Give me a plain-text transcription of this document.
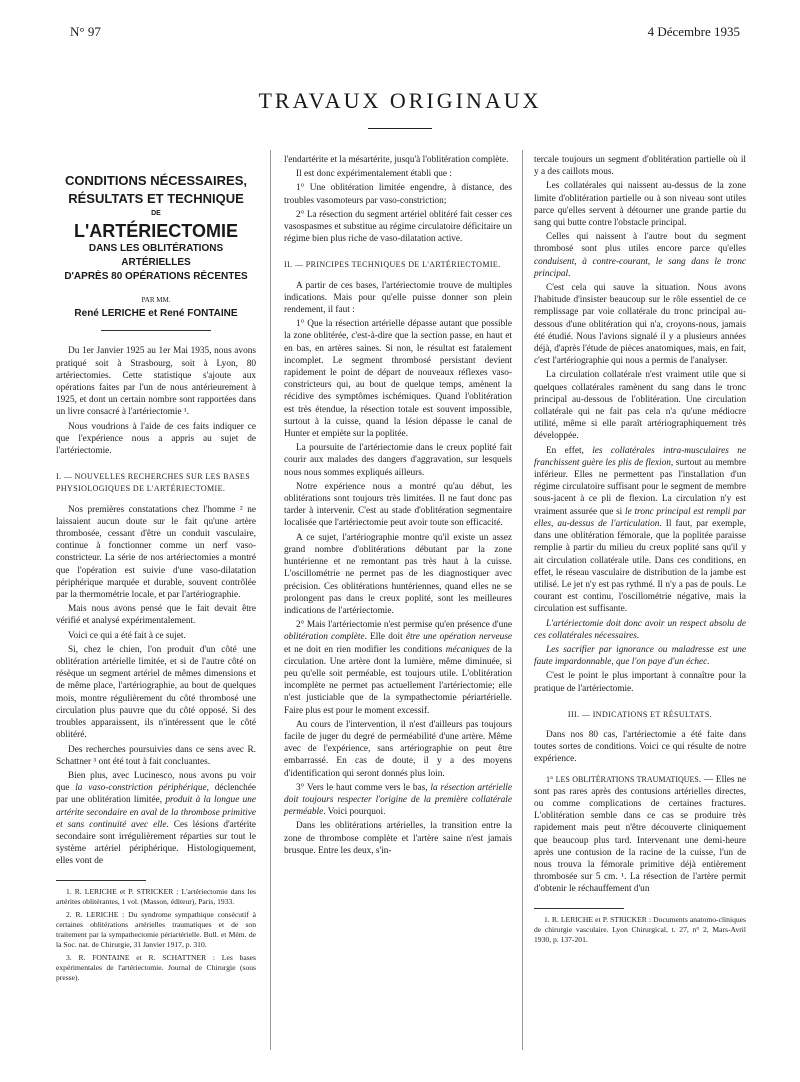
N° 97	4 Décembre 1935
TRAVAUX ORIGINAUX
CONDITIONS NÉCESSAIRES,
RÉSULTATS ET TECHNIQUE
DE
L'ARTÉRIECTOMIE
DANS LES OBLITÉRATIONS ARTÉRIELLES
D'APRÈS 80 OPÉRATIONS RÉCENTES
PAR MM.
René LERICHE et René FONTAINE

Du 1er Janvier 1925 au 1er Mai 1935, nous avons pratiqué soit à Strasbourg, soit à Lyon, 80 artériectomies. Cette statistique s'ajoute aux opérations faites par l'un de nous antérieurement à 1925, et dont un certain nombre sont rapportées dans un livre consacré à l'artériectomie ¹.

Nous voudrions à l'aide de ces faits indiquer ce que l'expérience nous a appris au sujet de l'artériectomie.

I. — NOUVELLES RECHERCHES SUR LES BASES PHYSIOLOGIQUES DE L'ARTÉRIECTOMIE.

Nos premières constatations chez l'homme ² ne laissaient aucun doute sur le fait qu'une artère thrombosée, cessant d'être un conduit vasculaire, continue à fonctionner comme un nerf vaso-constricteur. La série de nos artériectomies a montré que l'opération est suivie d'une vaso-dilatation périphérique marquée et durable, souvent contrôlée par la thermométrie locale, et par l'artériographie.

Mais nous avons pensé que le fait devait être vérifié et analysé expérimentalement.

Voici ce qui a été fait à ce sujet.

Si, chez le chien, l'on produit d'un côté une oblitération artérielle limitée, et si de l'autre côté on résèque un segment artériel de mêmes dimensions et de même place, l'artériographie, au bout de quelques mois, montre régulièrement du côté thrombosé une circulation plus pauvre que du côté opposé. Si des troubles apparaissent, ils n'intéressent que le côté oblitéré.

Des recherches poursuivies dans ce sens avec R. Schattner ³ ont été tout à fait concluantes.

Bien plus, avec Lucinesco, nous avons pu voir que la vaso-constriction périphérique, déclenchée par une oblitération limitée, produit à la longue une artérite secondaire en aval de la thrombose primitive et sans continuité avec elle. Ces lésions d'artérite secondaire sont irrégulièrement réparties sur tout le système artériel périphérique. Histologiquement, elles vont de

1. R. LERICHE et P. STRICKER : L'artériectomie dans les artérites oblitérantes, 1 vol. (Masson, éditeur), Paris, 1933.

2. R. LERICHE : Du syndrome sympathique consécutif à certaines oblitérations artérielles traumatiques et de son traitement par la sympathectomie périartérielle. Bull. et Mém. de la Soc. nat. de Chirurgie, 31 Janvier 1917, p. 310.

3. R. FONTAINE et R. SCHATTNER : Les bases expérimentales de l'artériectomie. Journal de Chirurgie (sous presse).

l'endartérite et la mésartérite, jusqu'à l'oblitération complète.

Il est donc expérimentalement établi que :

1° Une oblitération limitée engendre, à distance, des troubles vasomoteurs par vaso-constriction;

2° La résection du segment artériel oblitéré fait cesser ces vasospasmes et substitue au régime circulatoire déficitaire un régime bien plus riche de vaso-dilatation active.

II. — PRINCIPES TECHNIQUES DE L'ARTÉRIECTOMIE.

A partir de ces bases, l'artériectomie trouve de multiples indications. Mais pour qu'elle puisse donner son plein rendement, il faut :

1° Que la résection artérielle dépasse autant que possible la zone oblitérée, c'est-à-dire que la section passe, en haut et en bas, en artères saines. Si non, le résultat est fatalement incomplet. Le segment thrombosé persistant devient rapidement le point de départ de nouveaux réflexes vaso-constricteurs qui, au bout de quelque temps, amènent la récidive des symptômes ischémiques. Quand l'oblitération est très étendue, la résection totale est souvent impossible, surtout à la cuisse, quand la lésion dépasse le canal de Hunter et empiète sur la poplitée.

La poursuite de l'artériectomie dans le creux poplité fait courir aux malades des dangers d'aggravation, sur lesquels nous nous sommes expliqués ailleurs.

Notre expérience nous a montré qu'au début, les oblitérations sont toujours très limitées. Il ne faut donc pas tarder à intervenir. C'est au stade d'oblitération segmentaire localisée que l'artériectomie peut avoir toute son efficacité.

A ce sujet, l'artériographie montre qu'il existe un assez grand nombre d'oblitérations débutant par la zone huntérienne et ne remontant pas très haut à la cuisse. L'oscillométrie ne permet pas de les diagnostiquer avec précision. Ces oblitérations huntériennes, quand elles ne se prolongent pas dans le creux poplité, sont les meilleures indications de l'artériectomie.

2° Mais l'artériectomie n'est permise qu'en présence d'une oblitération complète. Elle doit être une opération nerveuse et ne doit en rien modifier les conditions mécaniques de la circulation. Une artère dont la lumière, même diminuée, si peu qu'elle soit perméable, est toujours utile. L'oblitération incomplète ne permet pas actuellement l'artériectomie; elle n'est justiciable que de la sympathectomie périartérielle. Faire plus est pour le moment excessif.

Au cours de l'intervention, il n'est d'ailleurs pas toujours facile de juger du degré de perméabilité d'une artère. Même avec de l'expérience, sans artériographie on peut être embarrassé. En cas de doute, il y a des moyens d'identification qui seront donnés plus loin.

3° Vers le haut comme vers le bas, la résection artérielle doit toujours respecter l'origine de la première collatérale perméable. Voici pourquoi.

Dans les oblitérations artérielles, la transition entre la zone de thrombose complète et l'artère saine n'est jamais brusque. Entre les deux, s'in-

tercale toujours un segment d'oblitération partielle où il y a des caillots mous.

Les collatérales qui naissent au-dessus de la zone limite d'oblitération partielle ou à son niveau sont utiles parce qu'elles servent à détourner une grande partie du sang qui butte contre l'obstacle principal.

Celles qui naissent à l'autre bout du segment thrombosé sont plus utiles encore parce qu'elles conduisent, à contre-courant, le sang dans le tronc principal.

C'est cela qui sauve la situation. Nous avons l'habitude d'insister beaucoup sur le rôle essentiel de ce remplissage par voie collatérale du tronc principal au-dessous d'une oblitération qui n'a, croyons-nous, jamais été étudié. Nous l'avions signalé il y a plusieurs années déjà, d'après l'étude de pièces anatomiques, mais, en fait, c'est l'artériographie qui nous a permis de l'analyser.

La circulation collatérale n'est vraiment utile que si quelques collatérales ramènent du sang dans le tronc principal au-dessous de l'oblitération. Une circulation collatérale qui ne fait pas cela n'a qu'une médiocre utilité, même si elle paraît artériographiquement très développée.

En effet, les collatérales intra-musculaires ne franchissent guère les plis de flexion, surtout au membre inférieur. Elles ne permettent pas l'installation d'un régime circulatoire suffisant pour le segment de membre sous-jacent à ce pli de flexion. La circulation n'y est vraiment assurée que si le tronc principal est rempli par elles, au-dessus de l'articulation. Il faut, par exemple, dans une oblitération fémorale, que la poplitée paraisse remplie à partir du milieu du creux poplité sans qu'il y ait circulation collatérale utile. Dans ces conditions, en effet, le réseau vasculaire de distribution de la jambe est utilisé. Le jet n'y est pas rythmé. Il n'y a pas de pouls. Le courant est continu, l'oscillométrie négative, mais la circulation est suffisante.

L'artériectomie doit donc avoir un respect absolu de ces collatérales nécessaires.

Les sacrifier par ignorance ou maladresse est une faute impardonnable, que l'on paye d'un échec.

C'est le point le plus important à connaître pour la pratique de l'artériectomie.

III. — INDICATIONS ET RÉSULTATS.

Dans nos 80 cas, l'artériectomie a été faite dans toutes sortes de conditions. Voici ce qui résulte de notre expérience.

1° LES OBLITÉRATIONS TRAUMATIQUES. — Elles ne sont pas rares après des contusions artérielles directes, ou comme complications de certaines fractures. L'oblitération semble dans ce cas se produire très rapidement mais peut n'être découverte cliniquement que beaucoup plus tard. Intervenant une demi-heure après une contusion de la racine de la cuisse, l'un de nous trouva la fémorale primitive déjà entièrement thrombosée sur 5 cm. ¹. La résection de l'artère permit d'obtenir le réchauffement d'un

1. R. LERICHE et P. STRICKER : Documents anatomo-cliniques de chirurgie vasculaire. Lyon Chirurgical, t. 27, n° 2, Mars-Avril 1930, p. 137-201.
